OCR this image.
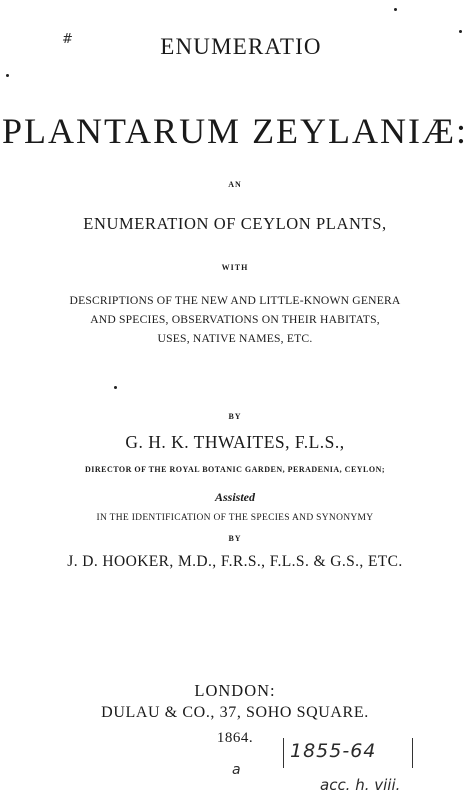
ENUMERATIO
PLANTARUM ZEYLANIÆ:
AN
ENUMERATION OF CEYLON PLANTS,
WITH
DESCRIPTIONS OF THE NEW AND LITTLE-KNOWN GENERA
AND SPECIES, OBSERVATIONS ON THEIR HABITATS,
USES, NATIVE NAMES, ETC.
BY
G. H. K. THWAITES, F.L.S.,
DIRECTOR OF THE ROYAL BOTANIC GARDEN, PERADENIA, CEYLON;
Assisted
IN THE IDENTIFICATION OF THE SPECIES AND SYNONYMY
BY
J. D. HOOKER, M.D., F.R.S., F.L.S. & G.S., ETC.
LONDON:
DULAU & CO., 37, SOHO SQUARE.
1864.
#
1855-64
a
acc. h. viii.
